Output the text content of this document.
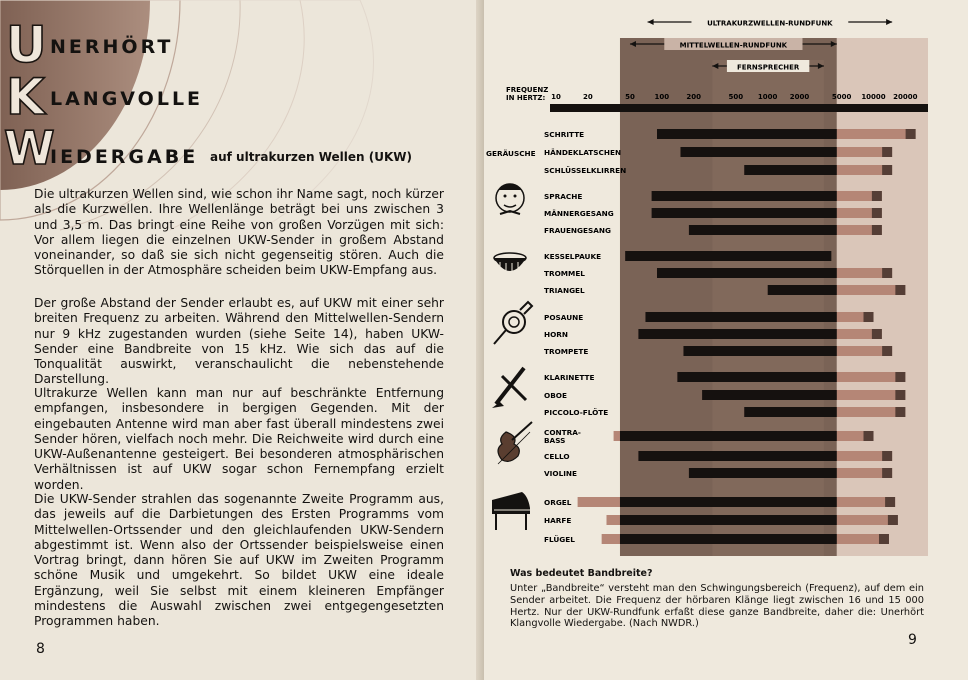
U
K
W
NERHÖRT
LANGVOLLE
IEDERGABE auf ultrakurzen Wellen (UKW)

Die ultrakurzen Wellen sind, wie schon ihr Name sagt, noch kürzer als die Kurzwellen. Ihre Wellenlänge beträgt bei uns zwischen 3 und 3,5 m. Das bringt eine Reihe von großen Vorzügen mit sich: Vor allem liegen die einzelnen UKW-Sender in großem Abstand voneinander, so daß sie sich nicht gegenseitig stören. Auch die Störquellen in der Atmosphäre scheiden beim UKW-Empfang aus.

Der große Abstand der Sender erlaubt es, auf UKW mit einer sehr breiten Frequenz zu arbeiten. Während den Mittelwellen-Sendern nur 9 kHz zugestanden wurden (siehe Seite 14), haben UKW-Sender eine Bandbreite von 15 kHz. Wie sich das auf die Tonqualität auswirkt, veranschaulicht die nebenstehende Darstellung.

Ultrakurze Wellen kann man nur auf beschränkte Entfernung empfangen, insbesondere in bergigen Gegenden. Mit der eingebauten Antenne wird man aber fast überall mindestens zwei Sender hören, vielfach noch mehr. Die Reichweite wird durch eine UKW-Außenantenne gesteigert. Bei besonderen atmosphärischen Verhältnissen ist auf UKW sogar schon Fernempfang erzielt worden.

Die UKW-Sender strahlen das sogenannte Zweite Programm aus, das jeweils auf die Darbietungen des Ersten Programms vom Mittelwellen-Ortssender und den gleichlaufenden UKW-Sendern abgestimmt ist. Wenn also der Ortssender beispielsweise einen Vortrag bringt, dann hören Sie auf UKW im Zweiten Programm schöne Musik und umgekehrt. So bildet UKW eine ideale Ergänzung, weil Sie selbst mit einem kleineren Empfänger mindestens die Auswahl zwischen zwei entgegengesetzten Programmen haben.

8
ULTRAKURZWELLEN-RUNDFUNK
MITTELWELLEN-RUNDFUNK
FERNSPRECHER
FREQUENZ
IN HERTZ: 10	20	50	100 200	500 1000 2000	5000 10000 20000
SCHRITTE
HÄNDEKLATSCHEN
SCHLÜSSELKLIRREN
SPRACHE
MÄNNERGESANG
FRAUENGESANG
KESSELPAUKE
TROMMEL
TRIANGEL
POSAUNE
HORN
TROMPETE
KLARINETTE
OBOE
PICCOLO-FLÖTE
CONTRA-
BASS
CELLO
VIOLINE
ORGEL
HARFE
FLÜGEL
GERÄUSCHE
Was bedeutet Bandbreite?

Unter „Bandbreite“ versteht man den Schwingungsbereich (Frequenz), auf dem ein Sender arbeitet. Die Frequenz der hörbaren Klänge liegt zwischen 16 und 15 000 Hertz. Nur der UKW-Rundfunk erfaßt diese ganze Bandbreite, daher die: Unerhört Klangvolle Wiedergabe. (Nach NWDR.)

9
